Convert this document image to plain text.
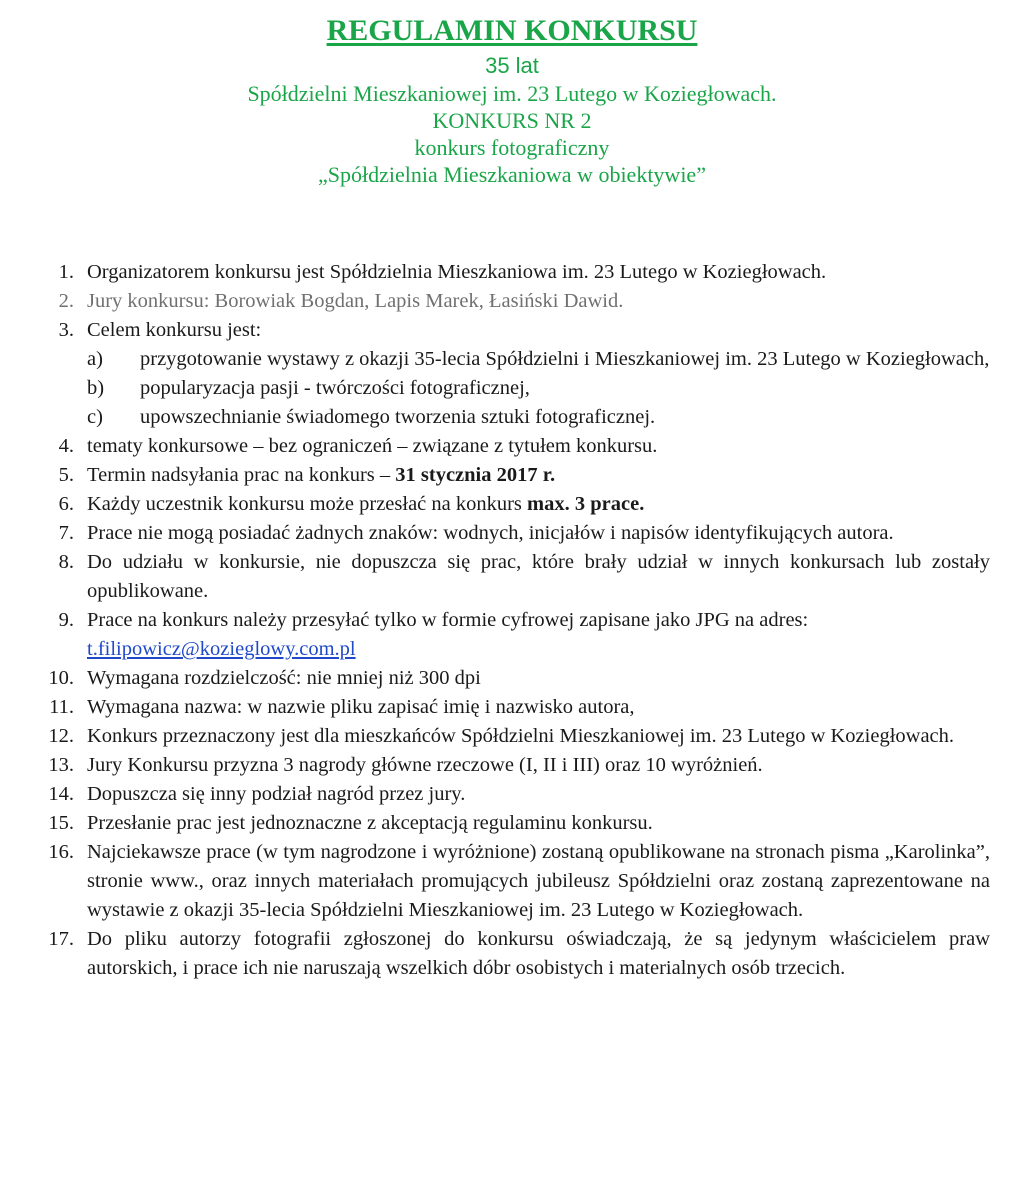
REGULAMIN KONKURSU
35 lat
Spółdzielni Mieszkaniowej im. 23 Lutego w Koziegłowach.
KONKURS NR 2
konkurs fotograficzny
„Spółdzielnia Mieszkaniowa w obiektywie”
1. Organizatorem konkursu jest Spółdzielnia Mieszkaniowa im. 23 Lutego w Koziegłowach.
2. Jury konkursu: Borowiak Bogdan, Lapis Marek, Łasiński Dawid.
3. Celem konkursu jest:
a) przygotowanie wystawy z okazji 35-lecia Spółdzielni i Mieszkaniowej im. 23 Lutego w Koziegłowach,
b) popularyzacja pasji - twórczości fotograficznej,
c) upowszechnianie świadomego tworzenia sztuki fotograficznej.
4. tematy konkursowe – bez ograniczeń – związane z tytułem konkursu.
5. Termin nadsyłania prac na konkurs – 31 stycznia 2017 r.
6. Każdy uczestnik konkursu może przesłać na konkurs max. 3 prace.
7. Prace nie mogą posiadać żadnych znaków: wodnych, inicjałów i napisów identyfikujących autora.
8. Do udziału w konkursie, nie dopuszcza się prac, które brały udział w innych konkursach lub zostały opublikowane.
9. Prace na konkurs należy przesyłać tylko w formie cyfrowej zapisane jako JPG na adres:
t.filipowicz@kozieglowy.com.pl
10. Wymagana rozdzielczość: nie mniej niż 300 dpi
11. Wymagana nazwa: w nazwie pliku zapisać imię i nazwisko autora,
12. Konkurs przeznaczony jest dla mieszkańców Spółdzielni Mieszkaniowej im. 23 Lutego w Koziegłowach.
13. Jury Konkursu przyzna 3 nagrody główne rzeczowe (I, II i III) oraz 10 wyróżnień.
14. Dopuszcza się inny podział nagród przez jury.
15. Przesłanie prac jest jednoznaczne z akceptacją regulaminu konkursu.
16. Najciekawsze prace (w tym nagrodzone i wyróżnione) zostaną opublikowane na stronach pisma „Karolinka”, stronie www., oraz innych materiałach promujących jubileusz Spółdzielni oraz zostaną zaprezentowane na wystawie z okazji 35-lecia Spółdzielni Mieszkaniowej im. 23 Lutego w Koziegłowach.
17. Do pliku autorzy fotografii zgłoszonej do konkursu oświadczają, że są jedynym właścicielem praw autorskich, i prace ich nie naruszają wszelkich dóbr osobistych i materialnych osób trzecich.
